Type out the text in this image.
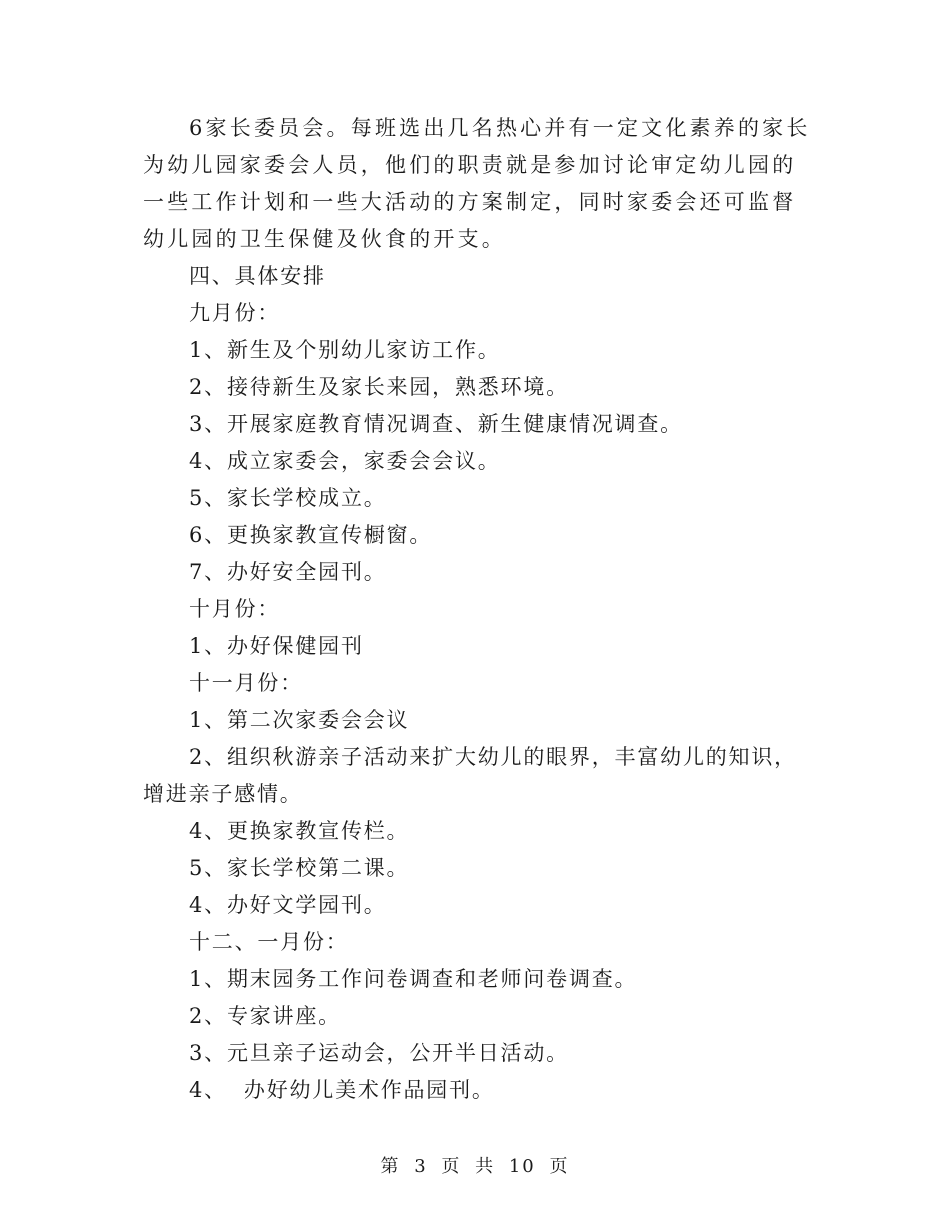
6家长委员会。每班选出几名热心并有一定文化素养的家长为幼儿园家委会人员，他们的职责就是参加讨论审定幼儿园的一些工作计划和一些大活动的方案制定，同时家委会还可监督幼儿园的卫生保健及伙食的开支。

四、具体安排

九月份：

1、新生及个别幼儿家访工作。

2、接待新生及家长来园，熟悉环境。

3、开展家庭教育情况调查、新生健康情况调查。

4、成立家委会，家委会会议。

5、家长学校成立。

6、更换家教宣传橱窗。

7、办好安全园刊。

十月份：

1、办好保健园刊

十一月份：

1、第二次家委会会议

2、组织秋游亲子活动来扩大幼儿的眼界，丰富幼儿的知识，增进亲子感情。

4、更换家教宣传栏。

5、家长学校第二课。

4、办好文学园刊。

十二、一月份：

1、期末园务工作问卷调查和老师问卷调查。

2、专家讲座。

3、元旦亲子运动会，公开半日活动。

4、  办好幼儿美术作品园刊。

第 3 页 共 10 页
